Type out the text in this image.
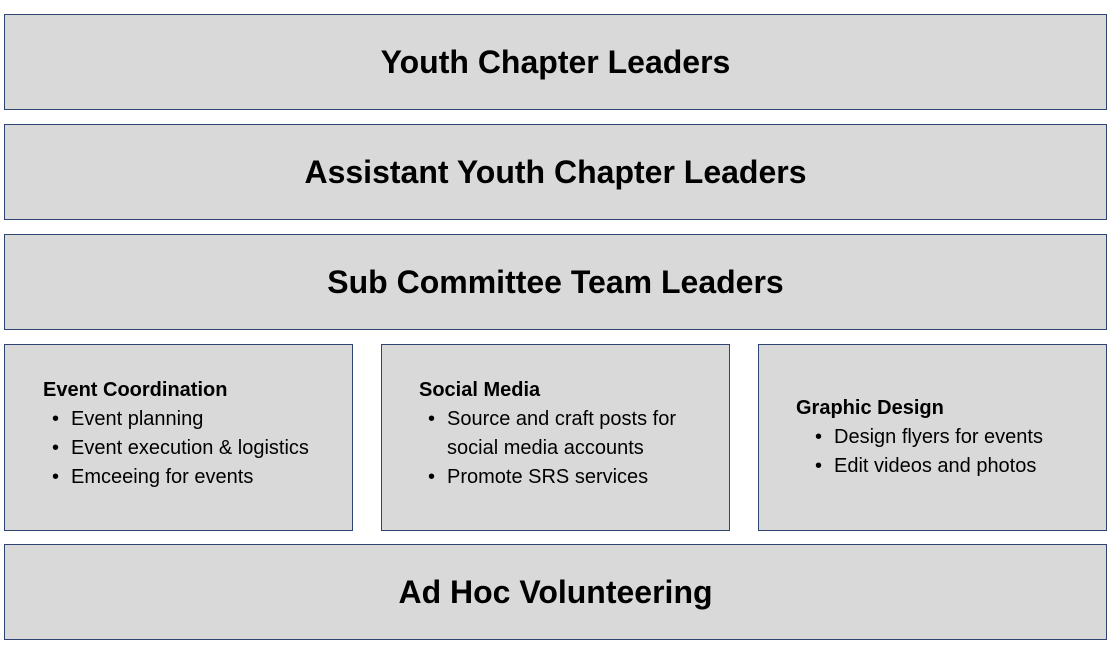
Youth Chapter Leaders
Assistant Youth Chapter Leaders
Sub Committee Team Leaders
Event Coordination
• Event planning
• Event execution & logistics
• Emceeing for events
Social Media
• Source and craft posts for social media accounts
• Promote SRS services
Graphic Design
• Design flyers for events
• Edit videos and photos
Ad Hoc Volunteering
